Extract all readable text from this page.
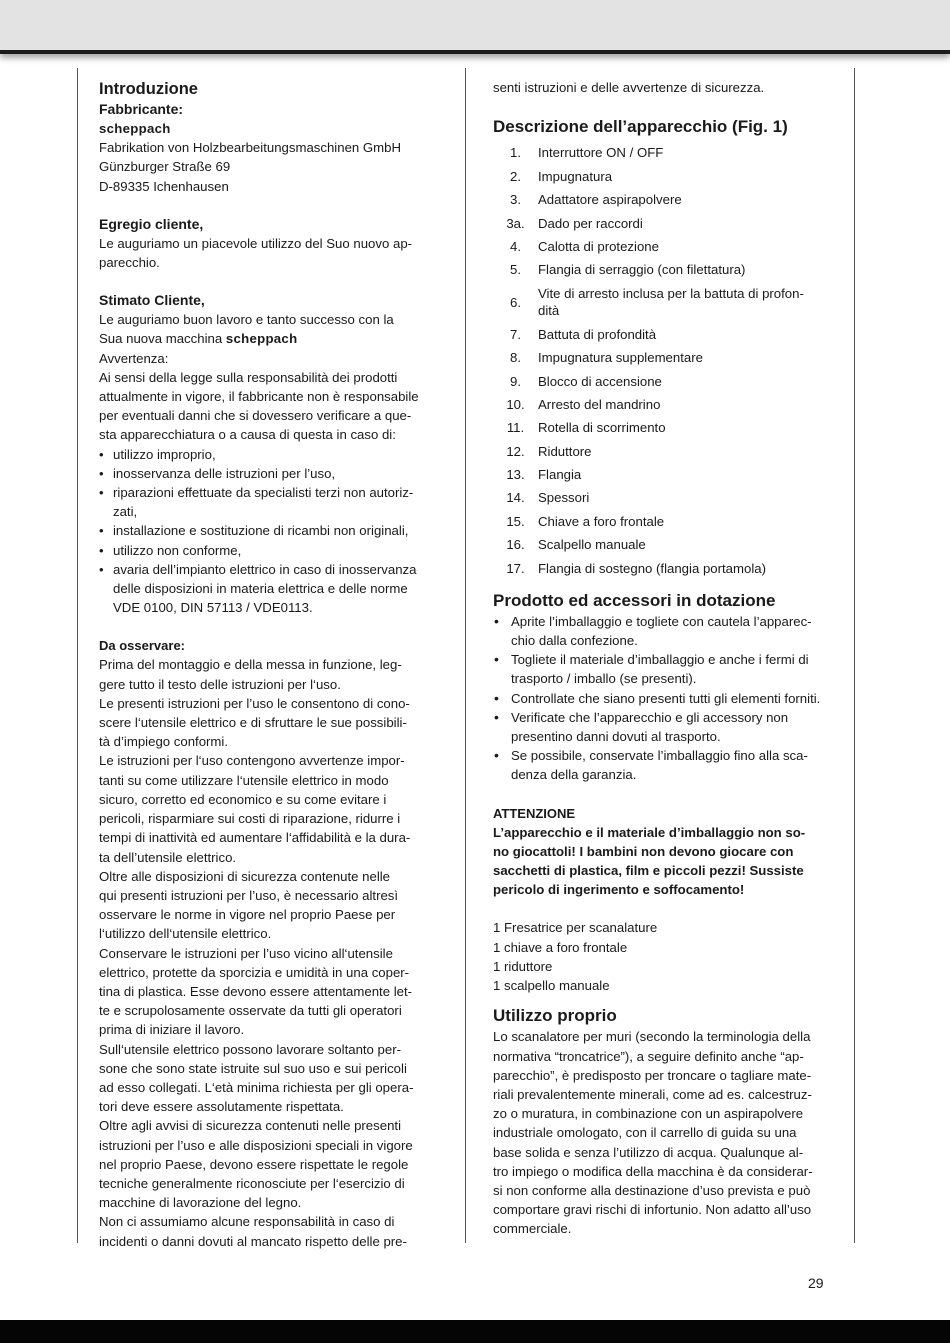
Introduzione
Fabbricante:

scheppach

Fabrikation von Holzbearbeitungsmaschinen GmbH

Günzburger Straße 69

D-89335 Ichenhausen

Egregio cliente,

Le auguriamo un piacevole utilizzo del Suo nuovo ap-

parecchio.

Stimato Cliente,

Le auguriamo buon lavoro e tanto successo con la

Sua nuova macchina scheppach

Avvertenza:

Ai sensi della legge sulla responsabilità dei prodotti

attualmente in vigore, il fabbricante non è responsabile

per eventuali danni che si dovessero verificare a que-

sta apparecchiatura o a causa di questa in caso di:

• utilizzo improprio,
• inosservanza delle istruzioni per l’uso,
• riparazioni effettuate da specialisti terzi non autoriz-
zati,
• installazione e sostituzione di ricambi non originali,
• utilizzo non conforme,
• avaria dell’impianto elettrico in caso di inosservanza
delle disposizioni in materia elettrica e delle norme
VDE 0100, DIN 57113 / VDE0113.
Da osservare:

Prima del montaggio e della messa in funzione, leg-

gere tutto il testo delle istruzioni per l‘uso.

Le presenti istruzioni per l’uso le consentono di cono-

scere l‘utensile elettrico e di sfruttare le sue possibili-

tà d’impiego conformi.

Le istruzioni per l‘uso contengono avvertenze impor-

tanti su come utilizzare l‘utensile elettrico in modo

sicuro, corretto ed economico e su come evitare i

pericoli, risparmiare sui costi di riparazione, ridurre i

tempi di inattività ed aumentare l‘affidabilità e la dura-

ta dell’utensile elettrico.

Oltre alle disposizioni di sicurezza contenute nelle

qui presenti istruzioni per l’uso, è necessario altresì

osservare le norme in vigore nel proprio Paese per

l‘utilizzo dell‘utensile elettrico.

Conservare le istruzioni per l’uso vicino all‘utensile

elettrico, protette da sporcizia e umidità in una coper-

tina di plastica. Esse devono essere attentamente let-

te e scrupolosamente osservate da tutti gli operatori

prima di iniziare il lavoro.

Sull‘utensile elettrico possono lavorare soltanto per-

sone che sono state istruite sul suo uso e sui pericoli

ad esso collegati. L‘età minima richiesta per gli opera-

tori deve essere assolutamente rispettata.

Oltre agli avvisi di sicurezza contenuti nelle presenti

istruzioni per l’uso e alle disposizioni speciali in vigore

nel proprio Paese, devono essere rispettate le regole

tecniche generalmente riconosciute per l‘esercizio di

macchine di lavorazione del legno.

Non ci assumiamo alcune responsabilità in caso di

incidenti o danni dovuti al mancato rispetto delle pre-

senti istruzioni e delle avvertenze di sicurezza.

Descrizione dell’apparecchio (Fig. 1)
1.	Interruttore ON / OFF

2.	Impugnatura

3.	Adattatore aspirapolvere

3a.	Dado per raccordi

4.	Calotta di protezione

5.	Flangia di serraggio (con filettatura)

6.	Vite di arresto inclusa per la battuta di profon-
dità

7.	Battuta di profondità

8.	Impugnatura supplementare

9.	Blocco di accensione

10.	Arresto del mandrino

11.	Rotella di scorrimento

12.	Riduttore

13.	Flangia

14.	Spessori

15.	Chiave a foro frontale

16.	Scalpello manuale

17.	Flangia di sostegno (flangia portamola)
Prodotto ed accessori in dotazione
• Aprite l’imballaggio e togliete con cautela l’apparec-
chio dalla confezione.
• Togliete il materiale d’imballaggio e anche i fermi di
trasporto / imballo (se presenti).
• Controllate che siano presenti tutti gli elementi forniti.
• Verificate che l’apparecchio e gli accessory non
presentino danni dovuti al trasporto.
• Se possibile, conservate l’imballaggio fino alla sca-
denza della garanzia.
ATTENZIONE

L’apparecchio e il materiale d’imballaggio non so-

no giocattoli! I bambini non devono giocare con

sacchetti di plastica, film e piccoli pezzi! Sussiste

pericolo di ingerimento e soffocamento!

1 Fresatrice per scanalature

1 chiave a foro frontale

1 riduttore

1 scalpello manuale

Utilizzo proprio

Lo scanalatore per muri (secondo la terminologia della

normativa “troncatrice”), a seguire definito anche “ap-

parecchio”, è predisposto per troncare o tagliare mate-

riali prevalentemente minerali, come ad es. calcestruz-

zo o muratura, in combinazione con un aspirapolvere

industriale omologato, con il carrello di guida su una

base solida e senza l’utilizzo di acqua. Qualunque al-

tro impiego o modifica della macchina è da considerar-

si non conforme alla destinazione d’uso prevista e può

comportare gravi rischi di infortunio. Non adatto all’uso

commerciale.

29
